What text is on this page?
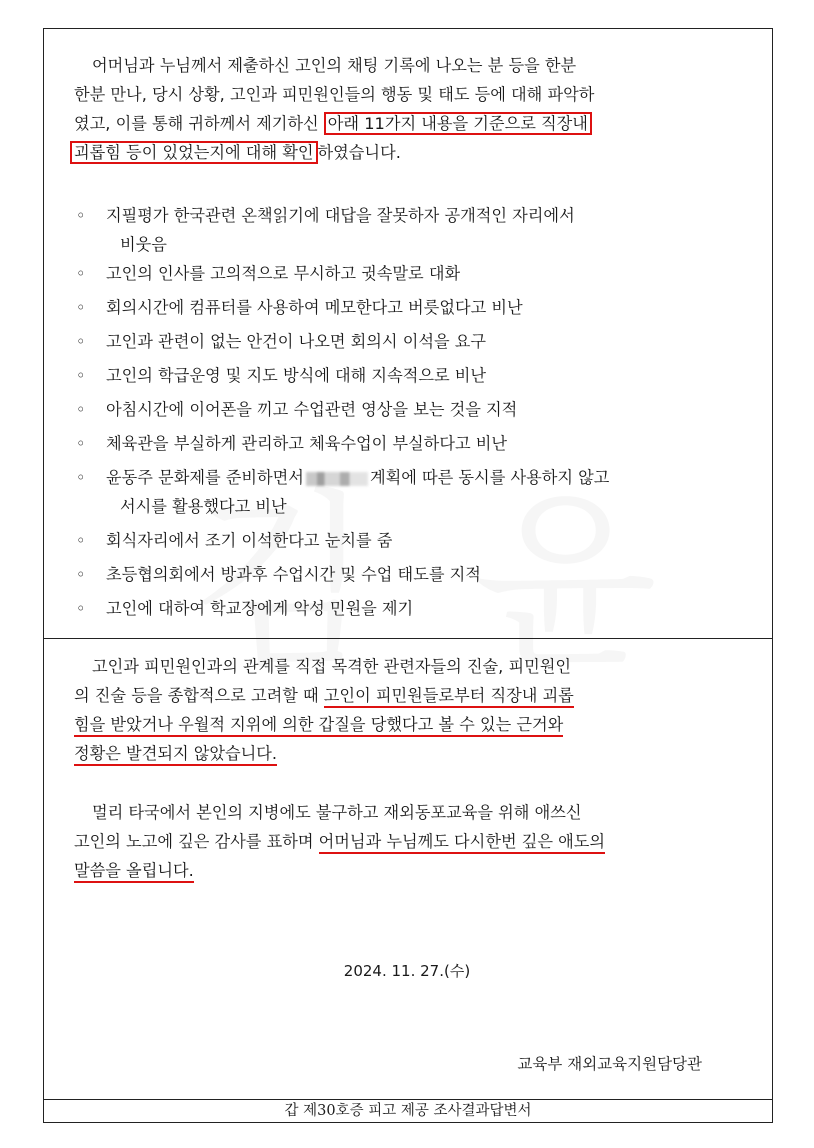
어머님과 누님께서 제출하신 고인의 채팅 기록에 나오는 분 등을 한분
한분 만나, 당시 상황, 고인과 피민원인들의 행동 및 태도 등에 대해 파악하
였고, 이를 통해 귀하께서 제기하신 아래 11가지 내용을 기준으로 직장내
괴롭힘 등이 있었는지에 대해 확인 하였습니다.
◦ 지필평가 한국관련 온책읽기에 대답을 잘못하자 공개적인 자리에서
비웃음
◦ 고인의 인사를 고의적으로 무시하고 귓속말로 대화
◦ 회의시간에 컴퓨터를 사용하여 메모한다고 버릇없다고 비난
◦ 고인과 관련이 없는 안건이 나오면 회의시 이석을 요구
◦ 고인의 학급운영 및 지도 방식에 대해 지속적으로 비난
◦ 아침시간에 이어폰을 끼고 수업관련 영상을 보는 것을 지적
◦ 체육관을 부실하게 관리하고 체육수업이 부실하다고 비난
◦ 윤동주 문화제를 준비하면서	계획에 따른 동시를 사용하지 않고
서시를 활용했다고 비난
◦ 회식자리에서 조기 이석한다고 눈치를 줌
◦ 초등협의회에서 방과후 수업시간 및 수업 태도를 지적
◦ 고인에 대하여 학교장에게 악성 민원을 제기
고인과 피민원인과의 관계를 직접 목격한 관련자들의 진술, 피민원인
의 진술 등을 종합적으로 고려할 때 고인이 피민원들로부터 직장내 괴롭
힘을 받았거나 우월적 지위에 의한 갑질을 당했다고 볼 수 있는 근거와
정황은 발견되지 않았습니다.
멀리 타국에서 본인의 지병에도 불구하고 재외동포교육을 위해 애쓰신
고인의 노고에 깊은 감사를 표하며 어머님과 누님께도 다시한번 깊은 애도의
말씀을 올립니다.
2024. 11. 27.(수)
교육부 재외교육지원담당관
갑 제30호증 피고 제공 조사결과답변서
